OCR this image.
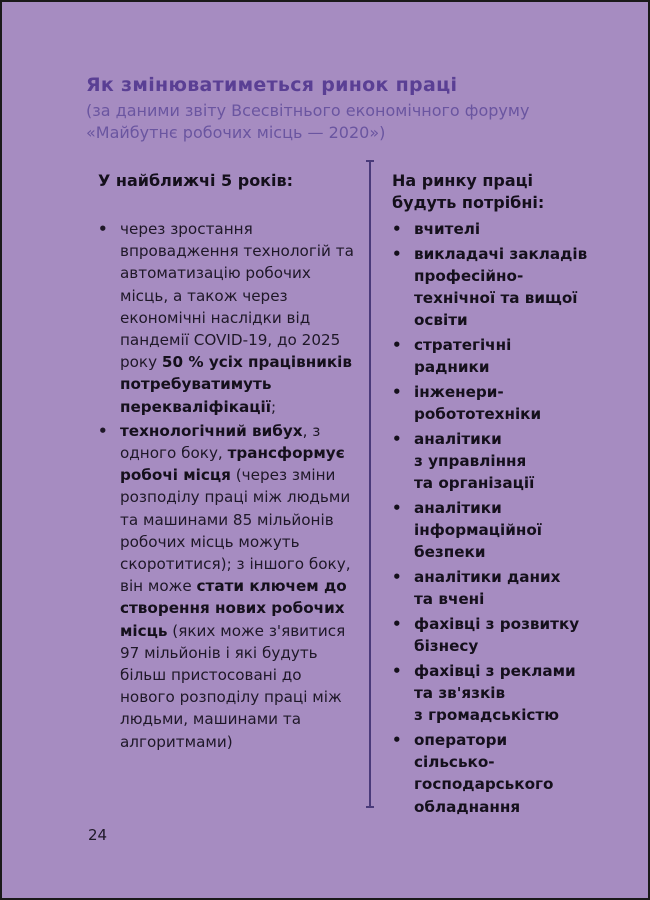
Як змінюватиметься ринок праці
(за даними звіту Всесвітнього економічного форуму
«Майбутнє робочих місць — 2020»)
У найближчі 5 років:
• через зростання впровадження технологій та автоматизацію робочих місць, а також через економічні наслідки від пандемії COVID-19, до 2025 року 50 % усіх працівників потребуватимуть перекваліфікації;
• технологічний вибух, з одного боку, трансформує робочі місця (через зміни розподілу праці між людьми та машинами 85 мільйонів робочих місць можуть скоротитися); з іншого боку, він може стати ключем до створення нових робочих місць (яких може з'явитися 97 мільйонів і які будуть більш пристосовані до нового розподілу праці між людьми, машинами та алгоритмами)
На ринку праці
будуть потрібні:
• вчителі
• викладачі закладів
професійно-
технічної та вищої
освіти
• стратегічні
радники
• інженери-
робототехніки
• аналітики
з управління
та організації
• аналітики
інформаційної
безпеки
• аналітики даних
та вчені
• фахівці з розвитку
бізнесу
• фахівці з реклами
та зв'язків
з громадськістю
• оператори
сільсько-
господарського
обладнання
24
